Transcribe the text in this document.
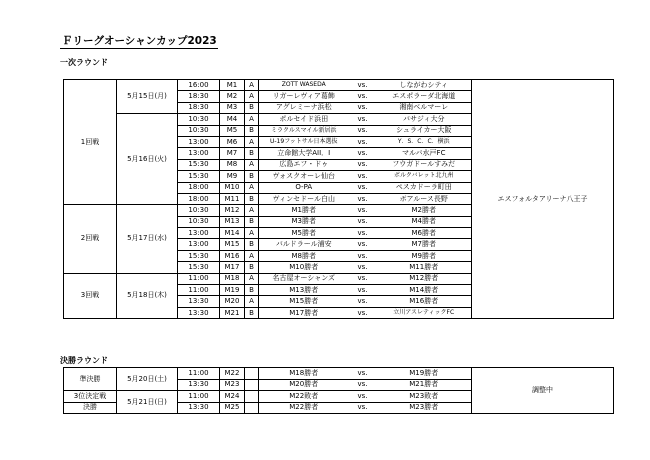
Ｆリーグオーシャンカップ2023
一次ラウンド
1回戦	5月15日(月)	16:00	M1	A	ZOTT WASEDA	vs.	しながわシティ	エスフォルタアリーナ八王子
		18:30	M2	A	リガーレヴィア葛飾	vs.	エスポラーダ北海道	
		18:30	M3	B	アグレミーナ浜松	vs.	湘南ベルマーレ	
	5月16日(火)	10:30	M4	A	ポルセイド浜田	vs.	バサジィ大分	
		10:30	M5	B	ミラクルスマイル新居浜	vs.	シュライカー大阪	
		13:00	M6	A	U-19フットサル日本選抜	vs.	Y．S．C．C．横浜	
		13:00	M7	B	立命館大学AII．Ⅰ	vs.	マルバ水戸FC	
		15:30	M8	A	広島エフ・ドゥ	vs.	フウガドールすみだ	
		15:30	M9	B	ヴォスクオーレ仙台	vs.	ボルクバレット北九州	
		18:00	M10	A	O-PA	vs.	ペスカドーラ町田	
		18:00	M11	B	ヴィンセドール白山	vs.	ボアルース長野	
2回戦	5月17日(水)	10:30	M12	A	M1勝者	vs.	M2勝者	
		10:30	M13	B	M3勝者	vs.	M4勝者	
		13:00	M14	A	M5勝者	vs.	M6勝者	
		13:00	M15	B	バルドラール浦安	vs.	M7勝者	
		15:30	M16	A	M8勝者	vs.	M9勝者	
		15:30	M17	B	M10勝者	vs.	M11勝者	
3回戦	5月18日(木)	11:00	M18	A	名古屋オーシャンズ	vs.	M12勝者	
		11:00	M19	B	M13勝者	vs.	M14勝者	
		13:30	M20	A	M15勝者	vs.	M16勝者	
		13:30	M21	B	M17勝者	vs.	立川アスレティックFC	
決勝ラウンド
準決勝	5月20日(土)	11:00	M22		M18勝者	vs.	M19勝者	調整中
		13:30	M23		M20勝者	vs.	M21勝者	
3位決定戦	5月21日(日)	11:00	M24		M22敗者	vs.	M23敗者	
決勝		13:30	M25		M22勝者	vs.	M23勝者	
